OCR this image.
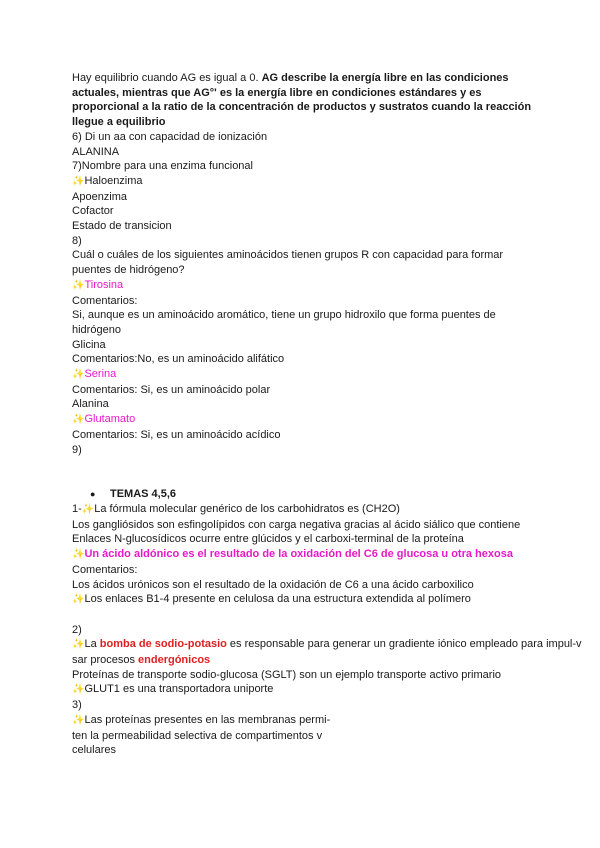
Hay equilibrio cuando AG es igual a 0. AG describe la energía libre en las condiciones actuales, mientras que AG°' es la energía libre en condiciones estándares y es proporcional a la ratio de la concentración de productos y sustratos cuando la reacción llegue a equilibrio
6) Di un aa con capacidad de ionización
ALANINA
7)Nombre para una enzima funcional
✨Haloenzima
Apoenzima
Cofactor
Estado de transicion
8)
Cuál o cuáles de los siguientes aminoácidos tienen grupos R con capacidad para formar puentes de hidrógeno?
✨Tirosina
Comentarios:
Si, aunque es un aminoácido aromático, tiene un grupo hidroxilo que forma puentes de hidrógeno
Glicina
Comentarios:No, es un aminoácido alifático
✨Serina
Comentarios: Si, es un aminoácido polar
Alanina
✨Glutamato
Comentarios: Si, es un aminoácido acídico
9)
● TEMAS 4,5,6
1-✨La fórmula molecular genérico de los carbohidratos es (CH2O)
Los gangliósidos son esfingolípidos con carga negativa gracias al ácido siálico que contiene
Enlaces N-glucosídicos ocurre entre glúcidos y el carboxi-terminal de la proteína
✨Un ácido aldónico es el resultado de la oxidación del C6 de glucosa u otra hexosa
Comentarios:
Los ácidos urónicos son el resultado de la oxidación de C6 a una ácido carboxilico
✨Los enlaces B1-4 presente en celulosa da una estructura extendida al polímero
2)
✨La bomba de sodio-potasio es responsable para generar un gradiente iónico empleado para impul-v
sar procesos endergónicos
Proteínas de transporte sodio-glucosa (SGLT) son un ejemplo transporte activo primario
✨GLUT1 es una transportadora uniporte
3)
✨Las proteínas presentes en las membranas permi-
ten la permeabilidad selectiva de compartimentos v
celulares
